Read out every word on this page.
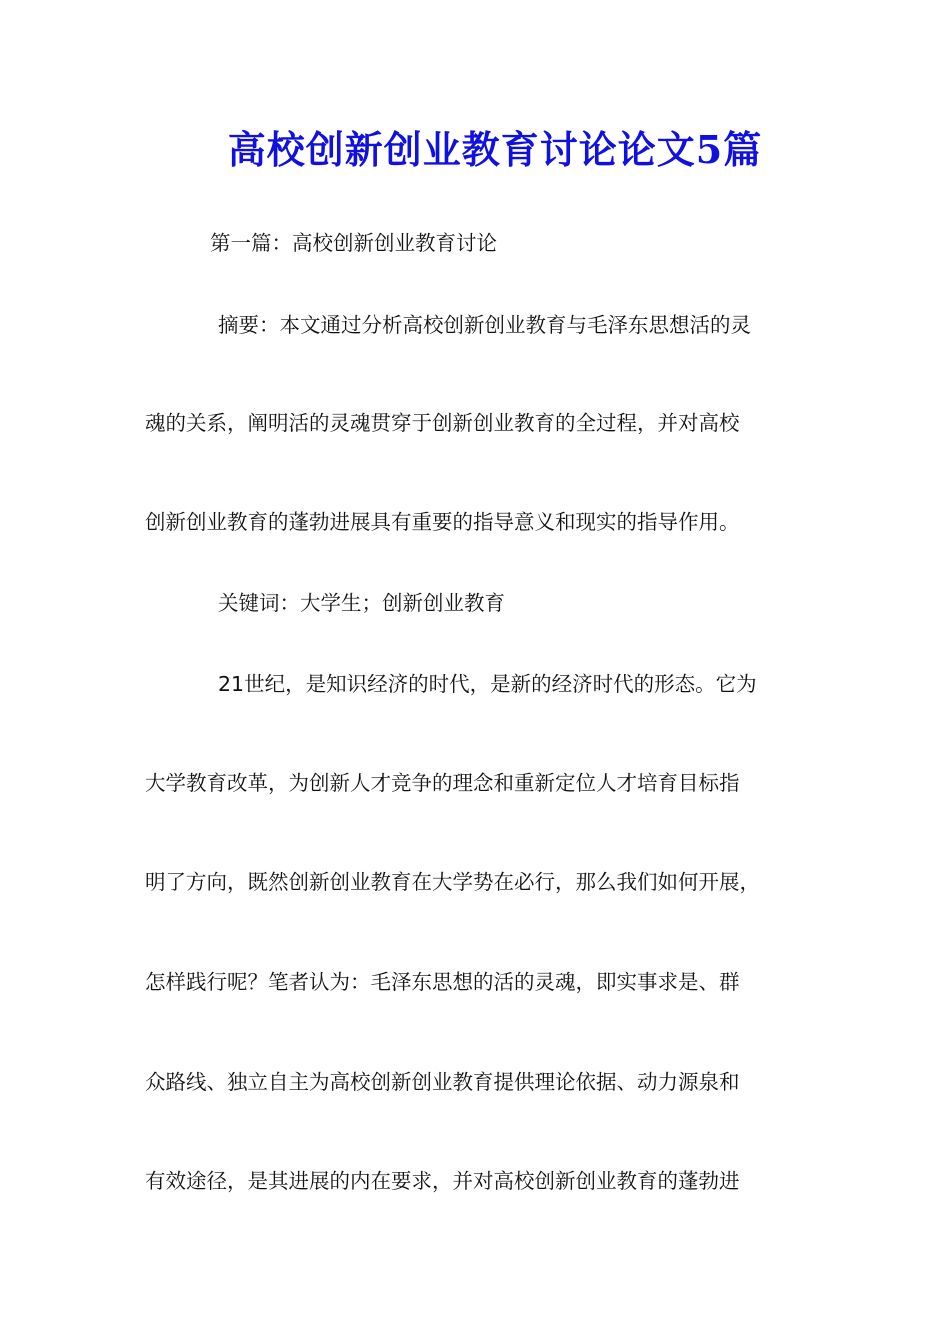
高校创新创业教育讨论论文5篇
第一篇：高校创新创业教育讨论
摘要：本文通过分析高校创新创业教育与毛泽东思想活的灵
魂的关系，阐明活的灵魂贯穿于创新创业教育的全过程，并对高校
创新创业教育的蓬勃进展具有重要的指导意义和现实的指导作用。
关键词：大学生；创新创业教育
21世纪，是知识经济的时代，是新的经济时代的形态。它为
大学教育改革，为创新人才竞争的理念和重新定位人才培育目标指
明了方向，既然创新创业教育在大学势在必行，那么我们如何开展，
怎样践行呢？笔者认为：毛泽东思想的活的灵魂，即实事求是、群
众路线、独立自主为高校创新创业教育提供理论依据、动力源泉和
有效途径，是其进展的内在要求，并对高校创新创业教育的蓬勃进
